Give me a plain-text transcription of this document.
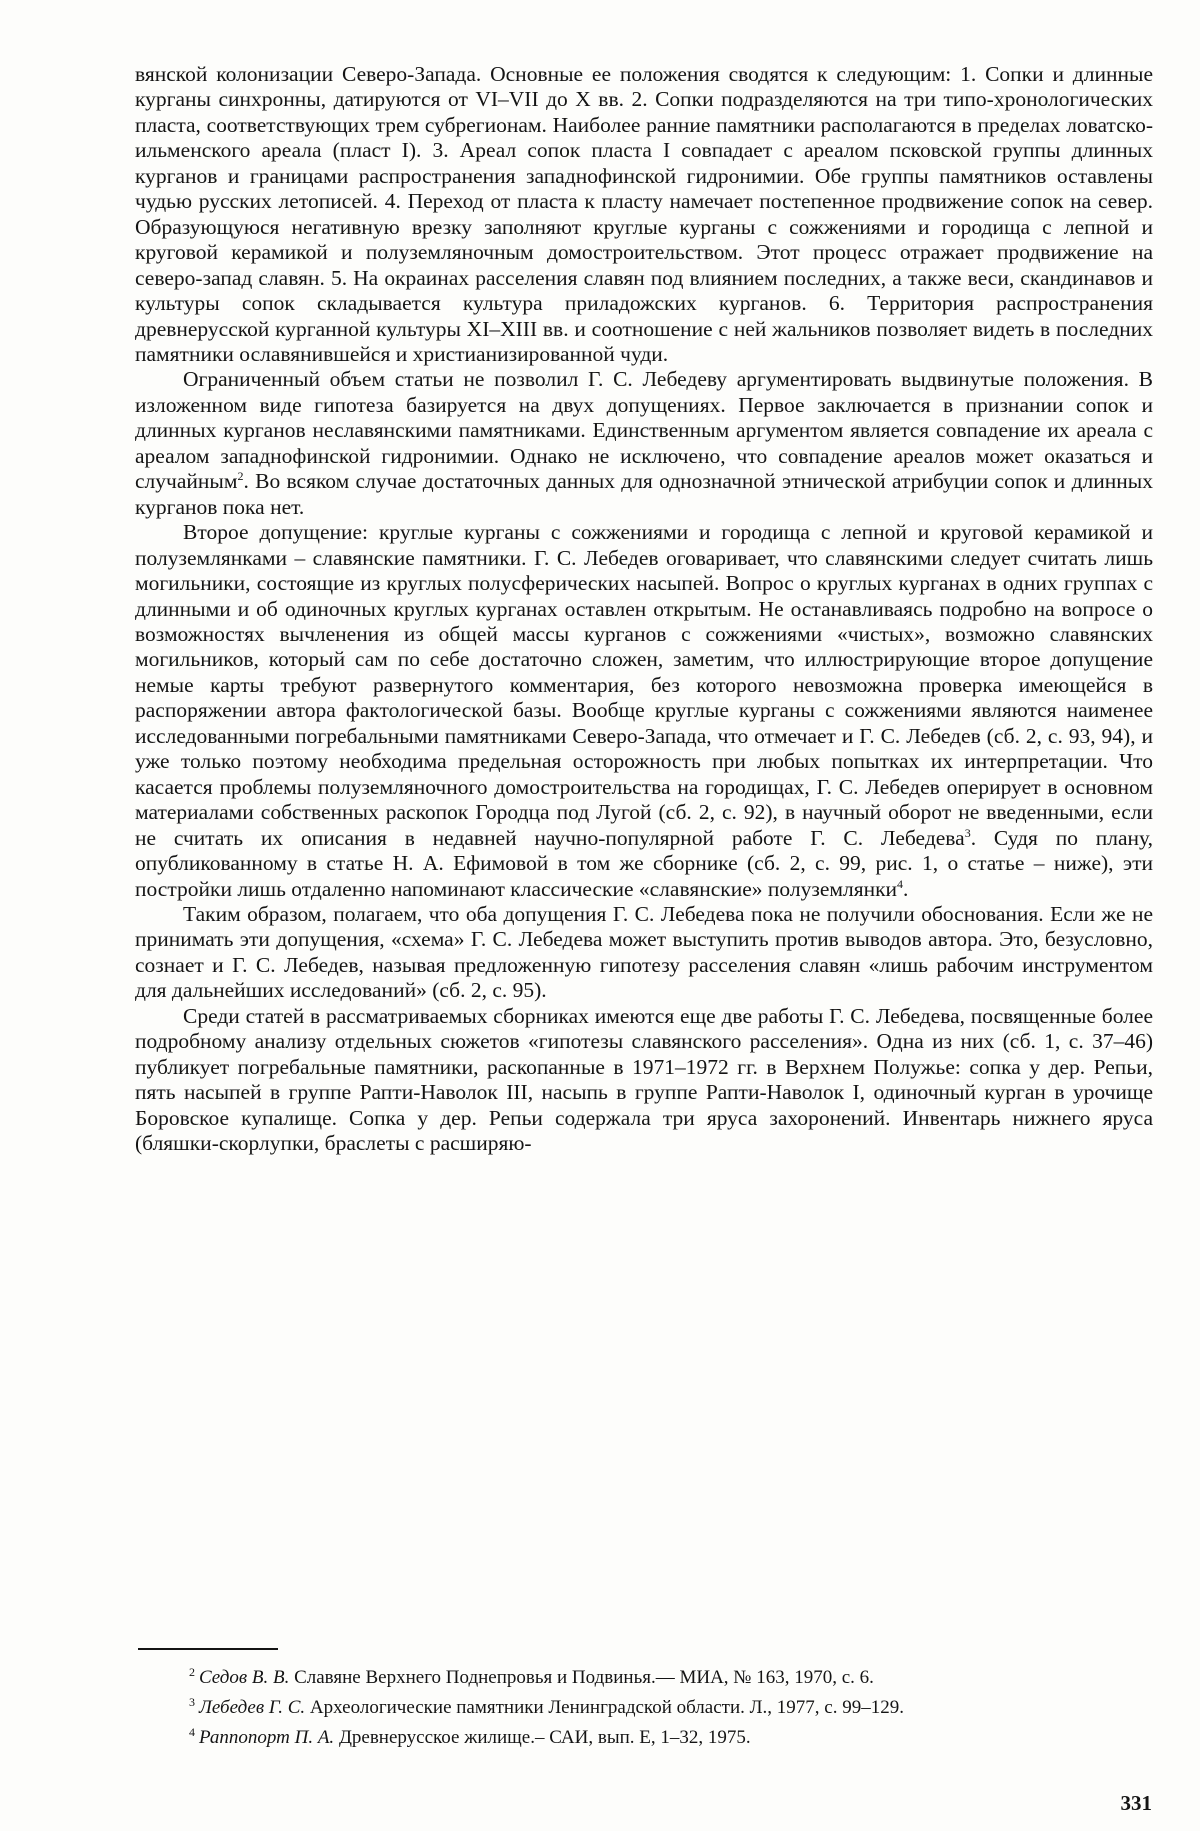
вянской колонизации Северо-Запада. Основные ее положения сводятся к следующим: 1. Сопки и длинные курганы синхронны, датируются от VI–VII до X вв. 2. Сопки подразделяются на три типо-хронологических пласта, соответствующих трем субрегионам. Наиболее ранние памятники располагаются в пределах ловатско-ильменского ареала (пласт I). 3. Ареал сопок пласта I совпадает с ареалом псковской группы длинных курганов и границами распространения западнофинской гидронимии. Обе группы памятников оставлены чудью русских летописей. 4. Переход от пласта к пласту намечает постепенное продвижение сопок на север. Образующуюся негативную врезку заполняют круглые курганы с сожжениями и городища с лепной и круговой керамикой и полуземляночным домостроительством. Этот процесс отражает продвижение на северо-запад славян. 5. На окраинах расселения славян под влиянием последних, а также веси, скандинавов и культуры сопок складывается культура приладожских курганов. 6. Территория распространения древнерусской курганной культуры XI–XIII вв. и соотношение с ней жальников позволяет видеть в последних памятники ославянившейся и христианизированной чуди.

Ограниченный объем статьи не позволил Г. С. Лебедеву аргументировать выдвинутые положения. В изложенном виде гипотеза базируется на двух допущениях. Первое заключается в признании сопок и длинных курганов неславянскими памятниками. Единственным аргументом является совпадение их ареала с ареалом западнофинской гидронимии. Однако не исключено, что совпадение ареалов может оказаться и случайным$^2$. Во всяком случае достаточных данных для однозначной этнической атрибуции сопок и длинных курганов пока нет.

Второе допущение: круглые курганы с сожжениями и городища с лепной и круговой керамикой и полуземлянками – славянские памятники. Г. С. Лебедев оговаривает, что славянскими следует считать лишь могильники, состоящие из круглых полусферических насыпей. Вопрос о круглых курганах в одних группах с длинными и об одиночных круглых курганах оставлен открытым. Не останавливаясь подробно на вопросе о возможностях вычленения из общей массы курганов с сожжениями «чистых», возможно славянских могильников, который сам по себе достаточно сложен, заметим, что иллюстрирующие второе допущение немые карты требуют развернутого комментария, без которого невозможна проверка имеющейся в распоряжении автора фактологической базы. Вообще круглые курганы с сожжениями являются наименее исследованными погребальными памятниками Северо-Запада, что отмечает и Г. С. Лебедев (сб. 2, с. 93, 94), и уже только поэтому необходима предельная осторожность при любых попытках их интерпретации. Что касается проблемы полуземляночного домостроительства на городищах, Г. С. Лебедев оперирует в основном материалами собственных раскопок Городца под Лугой (сб. 2, с. 92), в научный оборот не введенными, если не считать их описания в недавней научно-популярной работе Г. С. Лебедева$^3$. Судя по плану, опубликованному в статье Н. А. Ефимовой в том же сборнике (сб. 2, с. 99, рис. 1, о статье – ниже), эти постройки лишь отдаленно напоминают классические «славянские» полуземлянки$^4$.

Таким образом, полагаем, что оба допущения Г. С. Лебедева пока не получили обоснования. Если же не принимать эти допущения, «схема» Г. С. Лебедева может выступить против выводов автора. Это, безусловно, сознает и Г. С. Лебедев, называя предложенную гипотезу расселения славян «лишь рабочим инструментом для дальнейших исследований» (сб. 2, с. 95).

Среди статей в рассматриваемых сборниках имеются еще две работы Г. С. Лебедева, посвященные более подробному анализу отдельных сюжетов «гипотезы славянского расселения». Одна из них (сб. 1, с. 37–46) публикует погребальные памятники, раскопанные в 1971–1972 гг. в Верхнем Полужье: сопка у дер. Репьи, пять насыпей в группе Рапти-Наволок III, насыпь в группе Рапти-Наволок I, одиночный курган в урочище Боровское купалище. Сопка у дер. Репьи содержала три яруса захоронений. Инвентарь нижнего яруса (бляшки-скорлупки, браслеты с расширяю-

$^2$ Седов В. В. Славяне Верхнего Поднепровья и Подвинья.— МИА, № 163, 1970, с. 6.

$^3$ Лебедев Г. С. Археологические памятники Ленинградской области. Л., 1977, с. 99–129.

$^4$ Раппопорт П. А. Древнерусское жилище.– САИ, вып. Е, 1–32, 1975.

331
